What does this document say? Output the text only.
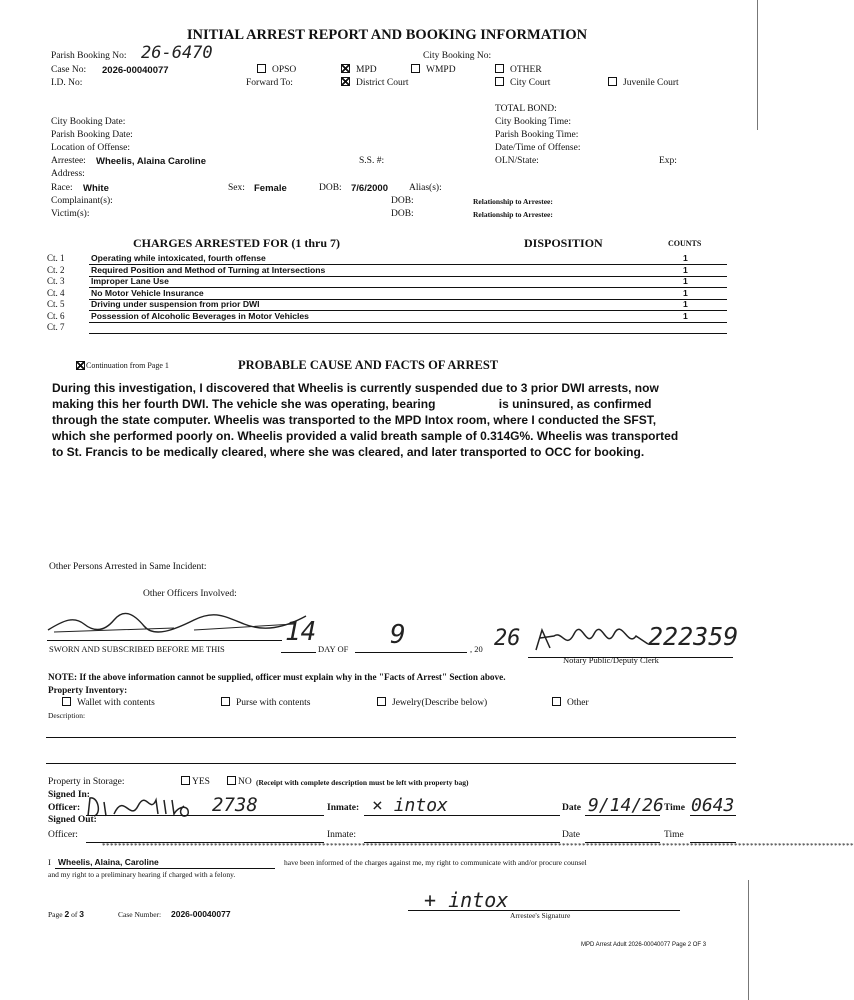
INITIAL ARREST REPORT AND BOOKING INFORMATION
Parish Booking No: 26-6470	City Booking No:
Case No: 2026-00040077	OPSO	MPD	WMPD	OTHER
I.D. No:	Forward To:	District Court	City Court	Juvenile Court
TOTAL BOND:
City Booking Date:	City Booking Time:
Parish Booking Date:	Parish Booking Time:
Location of Offense:	Date/Time of Offense:
Arrestee: Wheelis, Alaina Caroline	S.S. #:	OLN/State:	Exp:
Address:
Race: White	Sex: Female	DOB: 7/6/2000 Alias(s):
Complainant(s):	DOB:	Relationship to Arrestee:
Victim(s):	DOB:	Relationship to Arrestee:
CHARGES ARRESTED FOR (1 thru 7)	DISPOSITION	COUNTS
Ct. 1	Operating while intoxicated, fourth offense	1
Ct. 2	Required Position and Method of Turning at Intersections	1
Ct. 3	Improper Lane Use	1
Ct. 4	No Motor Vehicle Insurance	1
Ct. 5	Driving under suspension from prior DWI	1
Ct. 6	Possession of Alcoholic Beverages in Motor Vehicles	1
Ct. 7
Continuation from Page 1	PROBABLE CAUSE AND FACTS OF ARREST
During this investigation, I discovered that Wheelis is currently suspended due to 3 prior DWI arrests, now
making this her fourth DWI. The vehicle she was operating, bearing                   is uninsured, as confirmed
through the state computer. Wheelis was transported to the MPD Intox room, where I conducted the SFST,
which she performed poorly on. Wheelis provided a valid breath sample of 0.314G%. Wheelis was transported
to St. Francis to be medically cleared, where she was cleared, and later transported to OCC for booking.
Other Persons Arrested in Same Incident:
Other Officers Involved:
SWORN AND SUBSCRIBED BEFORE ME THIS
14
DAY OF 9	, 20 26	222359
Notary Public/Deputy Clerk
NOTE: If the above information cannot be supplied, officer must explain why in the "Facts of Arrest" Section above.
Property Inventory:
Wallet with contents	Purse with contents	Jewelry(Describe below)	Other
Description:
Property in Storage:	YES	NO (Receipt with complete description must be left with property bag)
Signed In:
Officer:	2738	Inmate: × intox	Date 9/14/26 Time 0643
Signed Out:
Officer:	Inmate:	Date	Time
********************************************************************************************************************************************************************************************
I Wheelis, Alaina, Caroline	have been informed of the charges against me, my right to communicate with and/or procure counsel
and my right to a preliminary hearing if charged with a felony.
Page 2 of 3	Case Number: 2026-00040077
+ intox
Arrestee's Signature
MPD Arrest Adult 2026-00040077 Page 2 OF 3
